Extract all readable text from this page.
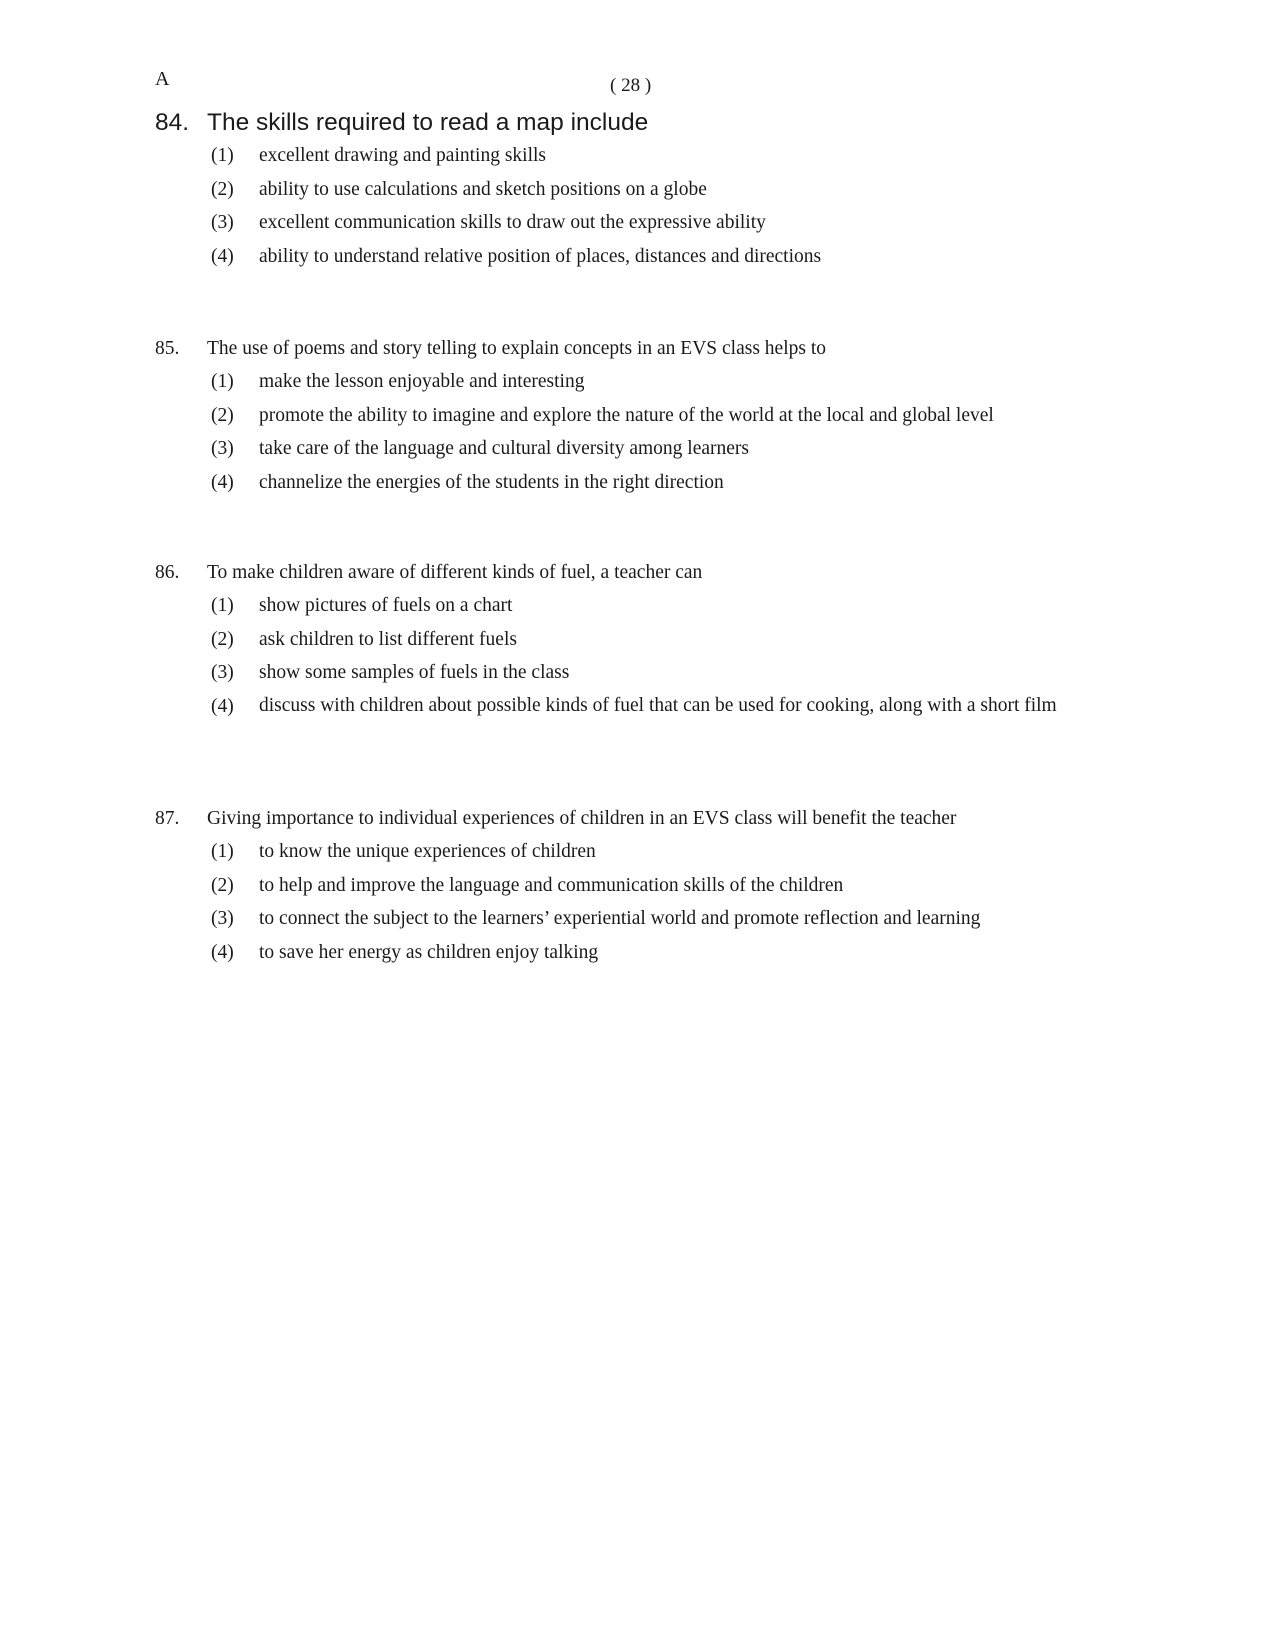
A	( 28 )
84. The skills required to read a map include
(1)	excellent drawing and painting skills
(2)	ability to use calculations and sketch positions on a globe
(3)	excellent communication skills to draw out the expressive ability
(4)	ability to understand relative position of places, distances and directions
85.	The use of poems and story telling to explain concepts in an EVS class helps to
(1)	make the lesson enjoyable and interesting
(2)	promote the ability to imagine and explore the nature of the world at the local and global level
(3)	take care of the language and cultural diversity among learners
(4)	channelize the energies of the students in the right direction
86.	To make children aware of different kinds of fuel, a teacher can
(1)	show pictures of fuels on a chart
(2)	ask children to list different fuels
(3)	show some samples of fuels in the class
(4)	discuss with children about possible kinds of fuel that can be used for cooking, along with a short film
87.	Giving importance to individual experiences of children in an EVS class will benefit the teacher
(1)	to know the unique experiences of children
(2)	to help and improve the language and communication skills of the children
(3)	to connect the subject to the learners’ experiential world and promote reflection and learning
(4)	to save her energy as children enjoy talking
